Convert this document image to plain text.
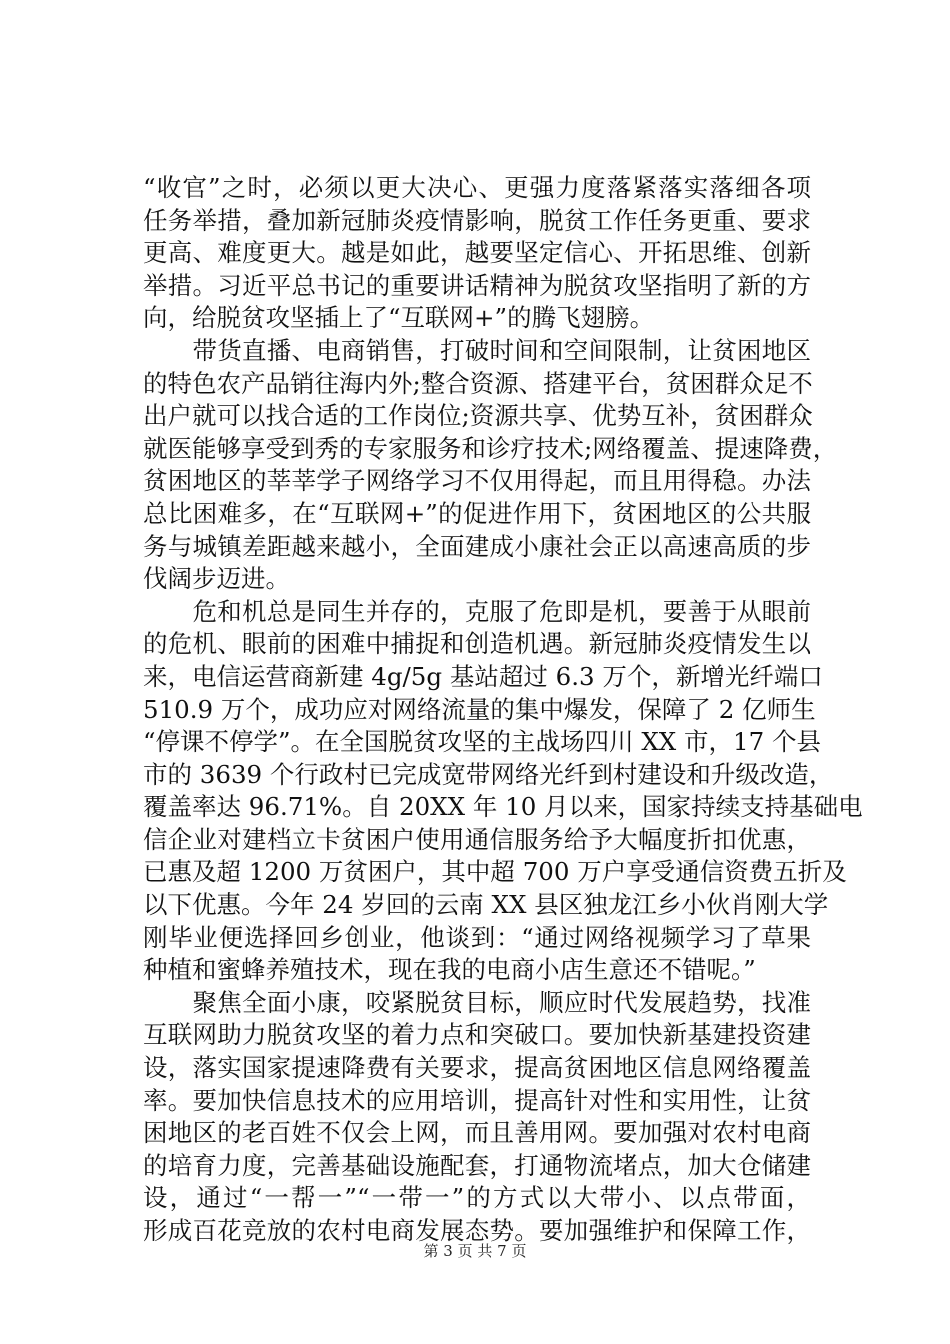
“收官”之时，必须以更大决心、更强力度落紧落实落细各项
任务举措，叠加新冠肺炎疫情影响，脱贫工作任务更重、要求
更高、难度更大。越是如此，越要坚定信心、开拓思维、创新
举措。习近平总书记的重要讲话精神为脱贫攻坚指明了新的方
向，给脱贫攻坚插上了“互联网+”的腾飞翅膀。
　　带货直播、电商销售，打破时间和空间限制，让贫困地区
的特色农产品销往海内外;整合资源、搭建平台，贫困群众足不
出户就可以找合适的工作岗位;资源共享、优势互补，贫困群众
就医能够享受到秀的专家服务和诊疗技术;网络覆盖、提速降费，
贫困地区的莘莘学子网络学习不仅用得起，而且用得稳。办法
总比困难多，在“互联网+”的促进作用下，贫困地区的公共服
务与城镇差距越来越小，全面建成小康社会正以高速高质的步
伐阔步迈进。
　　危和机总是同生并存的，克服了危即是机，要善于从眼前
的危机、眼前的困难中捕捉和创造机遇。新冠肺炎疫情发生以
来，电信运营商新建 4g/5g 基站超过 6.3 万个，新增光纤端口
510.9 万个，成功应对网络流量的集中爆发，保障了 2 亿师生
“停课不停学”。在全国脱贫攻坚的主战场四川 XX 市，17 个县
市的 3639 个行政村已完成宽带网络光纤到村建设和升级改造，
覆盖率达 96.71%。自 20XX 年 10 月以来，国家持续支持基础电
信企业对建档立卡贫困户使用通信服务给予大幅度折扣优惠，
已惠及超 1200 万贫困户，其中超 700 万户享受通信资费五折及
以下优惠。今年 24 岁回的云南 XX 县区独龙江乡小伙肖刚大学
刚毕业便选择回乡创业，他谈到：“通过网络视频学习了草果
种植和蜜蜂养殖技术，现在我的电商小店生意还不错呢。”
　　聚焦全面小康，咬紧脱贫目标，顺应时代发展趋势，找准
互联网助力脱贫攻坚的着力点和突破口。要加快新基建投资建
设，落实国家提速降费有关要求，提高贫困地区信息网络覆盖
率。要加快信息技术的应用培训，提高针对性和实用性，让贫
困地区的老百姓不仅会上网，而且善用网。要加强对农村电商
的培育力度，完善基础设施配套，打通物流堵点，加大仓储建
设，通过“一帮一”“一带一”的方式以大带小、以点带面，
形成百花竞放的农村电商发展态势。要加强维护和保障工作，
第 3 页 共 7 页
